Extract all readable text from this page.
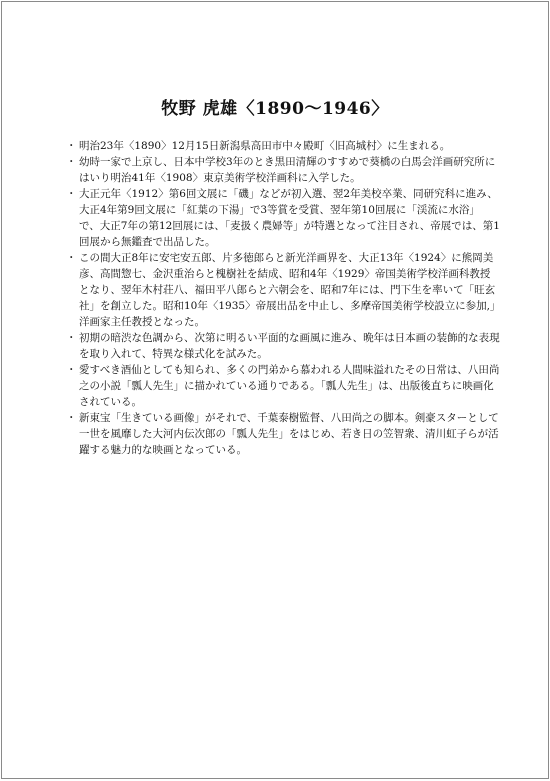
牧野 虎雄〈1890〜1946〉
・ 明治23年〈1890〉12月15日新潟県高田市中々殿町〈旧高城村〉に生まれる。
・ 幼時一家で上京し、日本中学校3年のとき黒田清輝のすすめで葵橋の白馬会洋画研究所にはいり明治41年〈1908〉東京美術学校洋画科に入学した。
・ 大正元年〈1912〉第6回文展に「磯」などが初入選、翌2年美校卒業、同研究科に進み、大正4年第9回文展に「紅葉の下湯」で3等賞を受賞、翌年第10回展に「渓流に水浴」で、大正7年の第12回展には、「麦扱く農婦等」が特選となって注目され、帝展では、第1回展から無鑑査で出品した。
・ この間大正8年に安宅安五郎、片多徳郎らと新光洋画界を、大正13年〈1924〉に熊岡美彦、高間惣七、金沢重治らと槐樹社を結成、昭和4年〈1929〉帝国美術学校洋画科教授となり、翌年木村荘八、福田平八郎らと六朝会を、昭和7年には、門下生を率いて「旺玄社」を創立した。昭和10年〈1935〉帝展出品を中止し、多摩帝国美術学校設立に参加,」洋画家主任教授となった。
・ 初期の暗渋な色調から、次第に明るい平面的な画風に進み、晩年は日本画の装飾的な表現を取り入れて、特異な様式化を試みた。
・ 愛すべき酒仙としても知られ、多くの門弟から慕われる人間味溢れたその日常は、八田尚之の小説「瓢人先生」に描かれている通りである。「瓢人先生」は、出版後直ちに映画化されている。
・ 新東宝「生きている画像」がそれで、千葉泰樹監督、八田尚之の脚本。剣豪スターとして一世を風靡した大河内伝次郎の「瓢人先生」をはじめ、若き日の笠智衆、清川虹子らが活躍する魅力的な映画となっている。
